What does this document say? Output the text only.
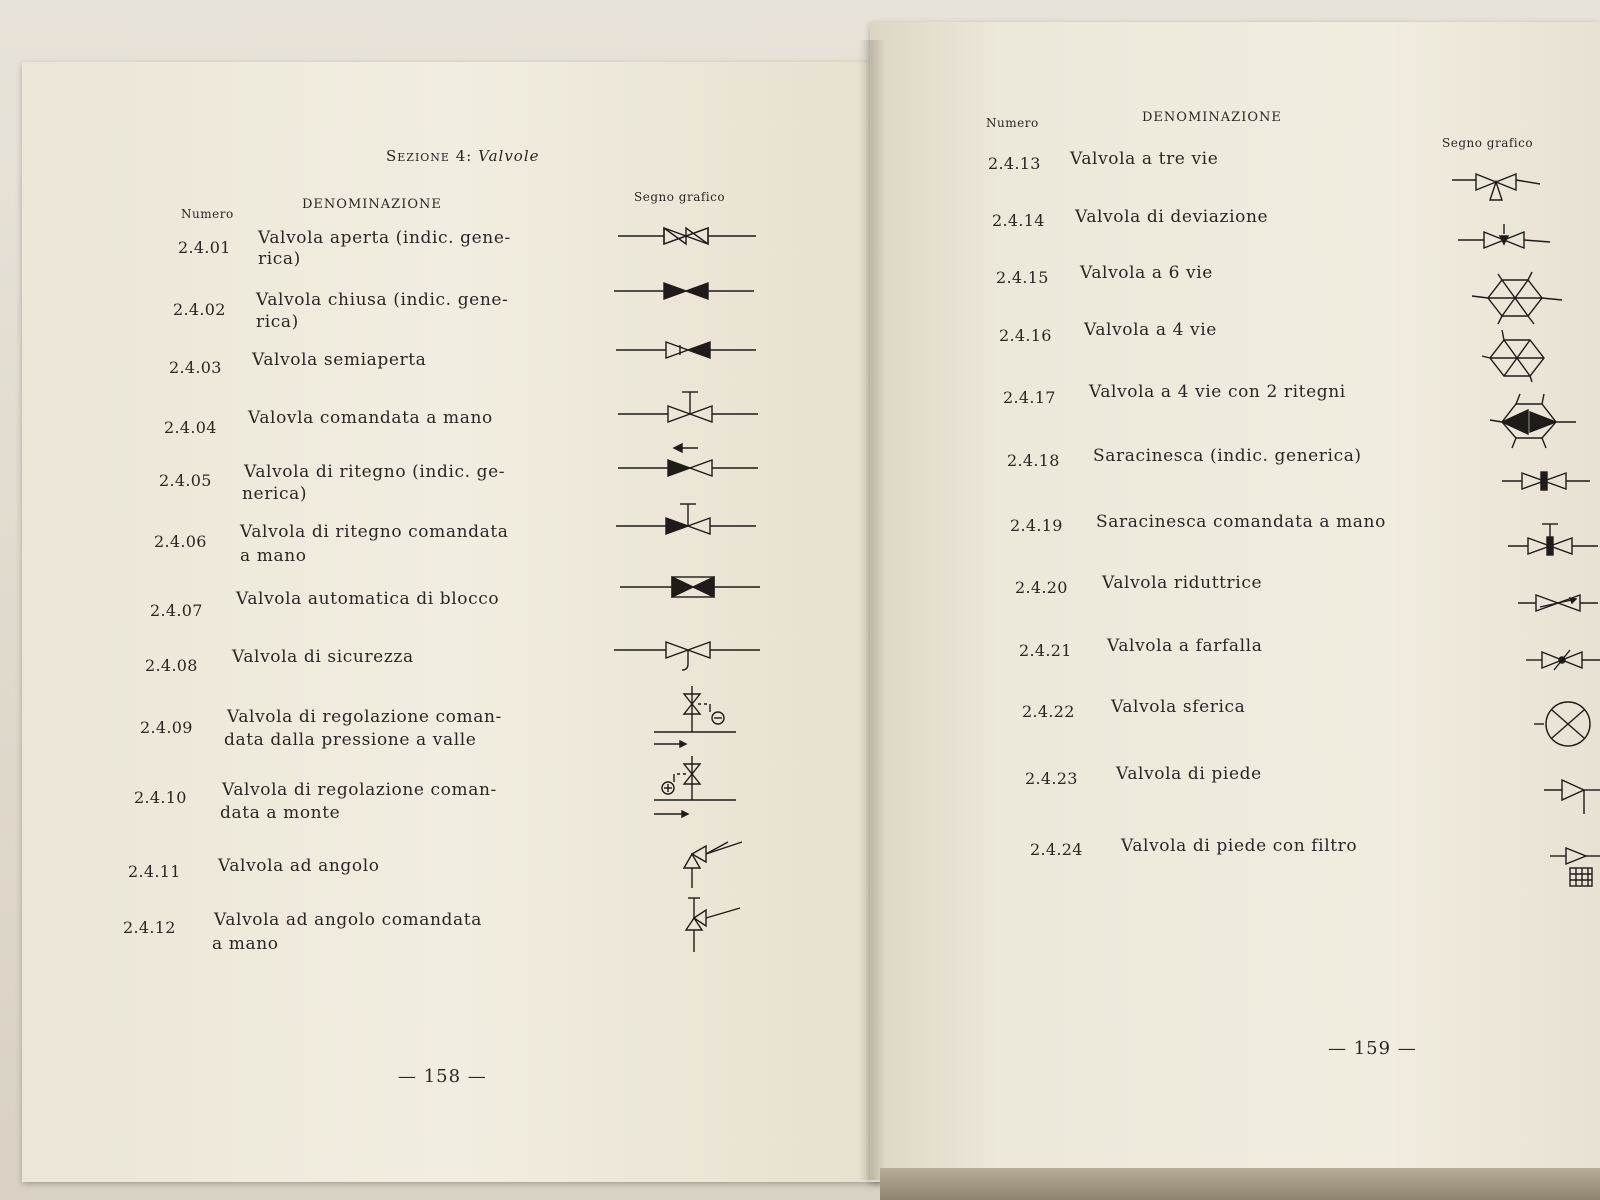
Sezione 4: Valvole
Numero
DENOMINAZIONE	Segno grafico
2.4.01 Valvola aperta (indic. gene-
rica)
2.4.02 Valvola chiusa (indic. gene-
rica)
2.4.03 Valvola semiaperta
2.4.04 Valovla comandata a mano
2.4.05 Valvola di ritegno (indic. ge-
nerica)
2.4.06 Valvola di ritegno comandata
a mano
2.4.07
Valvola automatica di blocco
2.4.08 Valvola di sicurezza
2.4.09
Valvola di regolazione coman-
data dalla pressione a valle
2.4.10 Valvola di regolazione coman-
data a monte
2.4.11 Valvola ad angolo
2.4.12 Valvola ad angolo comandata
a mano
— 158 —
Numero	DENOMINAZIONE
Segno grafico
2.4.13 Valvola a tre vie
2.4.14 Valvola di deviazione
2.4.15 Valvola a 6 vie
2.4.16 Valvola a 4 vie
2.4.17 Valvola a 4 vie con 2 ritegni
2.4.18 Saracinesca (indic. generica)
2.4.19 Saracinesca comandata a mano
2.4.20 Valvola riduttrice
2.4.21 Valvola a farfalla
2.4.22 Valvola sferica
2.4.23 Valvola di piede
2.4.24 Valvola di piede con filtro
— 159 —
